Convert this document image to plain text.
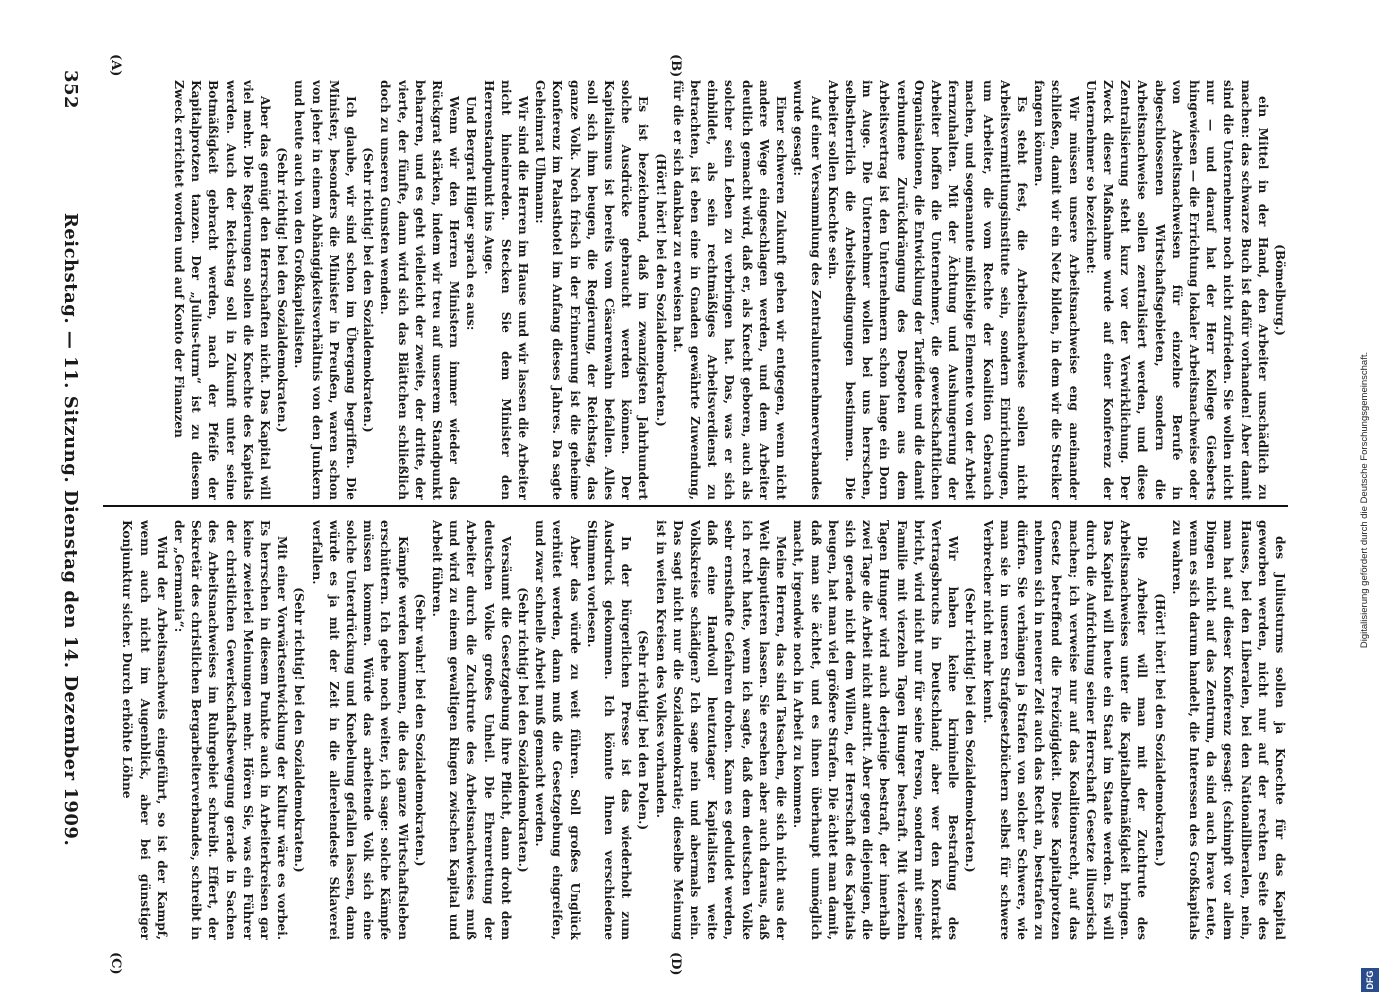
352
Reichstag. — 11. Sitzung. Dienstag den 14. Dezember 1909.
(A)	(B)
(C)	(D)

(Bömelburg.)

ein Mittel in der Hand, den Arbeiter unschädlich zu machen: das schwarze Buch ist dafür vorhanden! Aber damit sind die Unternehmer noch nicht zufrieden. Sie wollen nicht nur — und darauf hat der Herr Kollege Giesberts hingewiesen — die Errichtung lokaler Arbeitsnachweise oder von Arbeitsnachweisen für einzelne Berufe in abgeschlossenen Wirtschaftsgebieten, sondern die Arbeitsnachweise sollen zentralisiert werden, und diese Zentralisierung steht kurz vor der Verwirklichung. Der Zweck dieser Maßnahme wurde auf einer Konferenz der Unternehmer so bezeichnet:

Wir müssen unsere Arbeitsnachweise eng aneinander schließen, damit wir ein Netz bilden, in dem wir die Streiker fangen können.

Es steht fest, die Arbeitsnachweise sollen nicht Arbeitsvermittlungsinstitute sein, sondern Einrichtungen, um Arbeiter, die vom Rechte der Koalition Gebrauch machen, und sogenannte mißliebige Elemente von der Arbeit fernzuhalten. Mit der Ächtung und Aushungerung der Arbeiter hoffen die Unternehmer, die gewerkschaftlichen Organisationen, die Entwicklung der Tarifidee und die damit verbundene Zurückdrängung des Despoten aus dem Arbeitsvertrag ist den Unternehmern schon lange ein Dorn im Auge. Die Unternehmer wollen bei uns herrschen, selbstherrlich die Arbeitsbedingungen bestimmen. Die Arbeiter sollen Knechte sein.

Auf einer Versammlung des Zentralunternehmerverbandes wurde gesagt:

Einer schweren Zukunft gehen wir entgegen, wenn nicht andere Wege eingeschlagen werden, und dem Arbeiter deutlich gemacht wird, daß er, als Knecht geboren, auch als solcher sein Leben zu verbringen hat. Das, was er sich einbildet, als sein rechtmäßiges Arbeitsverdienst zu betrachten, ist eben eine in Gnaden gewährte Zuwendung, für die er sich dankbar zu erweisen hat.

(Hört! hört! bei den Sozialdemokraten.)

Es ist bezeichnend, daß im zwanzigsten Jahrhundert solche Ausdrücke gebraucht werden können. Der Kapitalismus ist bereits vom Cäsarenwahn befallen. Alles soll sich ihm beugen, die Regierung, der Reichstag, das ganze Volk. Noch frisch in der Erinnerung ist die geheime Konferenz im Palasthotel im Anfang dieses Jahres. Da sagte Geheimrat Ulhmann:

Wir sind die Herren im Hause und wir lassen die Arbeiter nicht hineinreden. Stecken Sie dem Minister den Herrenstandpunkt ins Auge.

Und Bergrat Hilger sprach es aus:

Wenn wir den Herren Ministern immer wieder das Rückgrat stärken, indem wir treu auf unserem Standpunkt beharren, und es geht vielleicht der zweite, der dritte, der vierte, der fünfte, dann wird sich das Blättchen schließlich doch zu unseren Gunsten wenden.

(Sehr richtig! bei den Sozialdemokraten.)

Ich glaube, wir sind schon im Übergang begriffen. Die Minister, besonders die Minister in Preußen, waren schon von jeher in einem Abhängigkeitsverhältnis von den Junkern und heute auch von den Großkapitalisten.

(Sehr richtig! bei den Sozialdemokraten.)

Aber das genügt den Herrschaften nicht. Das Kapital will viel mehr. Die Regierungen sollen die Knechte des Kapitals werden. Auch der Reichstag soll in Zukunft unter seine Botmäßigkeit gebracht werden, nach der Pfeife der Kapitalprotzen tanzen. Der „Julius-turm“ ist zu diesem Zweck errichtet worden und auf Konto der Finanzen

des Juliusturms sollen ja Knechte für das Kapital geworben werden, nicht nur auf der rechten Seite des Hauses, bei den Liberalen, bei den Nationalliberalen, nein, man hat auf dieser Konferenz gesagt: (schimpft vor allem Dingen nicht auf das Zentrum, da sind auch brave Leute, wenn es sich darum handelt, die Interessen des Großkapitals zu wahren.

(Hört! hört! bei den Sozialdemokraten.)

Die Arbeiter will man mit der Zuchtrute des Arbeitsnachweises unter die Kapitalbotmäßigkeit bringen. Das Kapital will heute ein Staat im Staate werden. Es will durch die Aufrichtung seiner Herrschaft Gesetze illusorisch machen; ich verweise nur auf das Koalitionsrecht, auf das Gesetz betreffend die Freizügigkeit. Diese Kapitalprotzen nehmen sich in neuerer Zeit auch das Recht an, bestrafen zu dürfen. Sie verhängen ja Strafen von solcher Schwere, wie man sie in unseren Strafgesetzbüchern selbst für schwere Verbrecher nicht mehr kennt.

(Sehr richtig! bei den Sozialdemokraten.)

Wir haben keine kriminelle Bestrafung des Vertragsbruchs in Deutschland; aber wer den Kontrakt bricht, wird nicht nur für seine Person, sondern mit seiner Familie mit vierzehn Tagen Hunger bestraft. Mit vierzehn Tagen Hunger wird auch derjenige bestraft, der innerhalb zwei Tage die Arbeit nicht antritt. Aber gegen diejenigen, die sich gerade nicht dem Willen, der Herrschaft des Kapitals beugen, hat man viel größere Strafen. Die ächtet man damit, daß man sie ächtet, und es ihnen überhaupt unmöglich macht, irgendwie noch in Arbeit zu kommen.

Meine Herren, das sind Tatsachen, die sich nicht aus der Welt disputieren lassen. Sie ersehen aber auch daraus, daß ich recht hatte, wenn ich sagte, daß dem deutschen Volke sehr ernsthafte Gefahren drohen. Kann es geduldet werden, daß eine Handvoll heutzutager Kapitalisten weite Volkskreise schädigen? Ich sage nein und abermals nein. Das sagt nicht nur die Sozialdemokratie; dieselbe Meinung ist in weiten Kreisen des Volkes vorhanden.

(Sehr richtig! bei den Polen.)

In der bürgerlichen Presse ist das wiederholt zum Ausdruck gekommen. Ich könnte Ihnen verschiedene Stimmen vorlesen.

Aber das würde zu weit führen. Soll großes Unglück verhütet werden, dann muß die Gesetzgebung eingreifen, und zwar schnelle Arbeit muß gemacht werden.

(Sehr richtig! bei den Sozialdemokraten.)

Versäumt die Gesetzgebung ihre Pflicht, dann droht dem deutschen Volke großes Unheil. Die Ehrenrettung der Arbeiter durch die Zuchtrute des Arbeitsnachweises muß und wird zu einem gewaltigen Ringen zwischen Kapital und Arbeit führen.

(Sehr wahr! bei den Sozialdemokraten.)

Kämpfe werden kommen, die das ganze Wirtschaftsleben erschüttern. Ich gehe noch weiter, ich sage: solche Kämpfe müssen kommen. Würde das arbeitende Volk sich eine solche Unterdrückung und Knebelung gefallen lassen, dann würde es ja mit der Zeit in die allerelendeste Sklaverei verfallen.

(Sehr richtig! bei den Sozialdemokraten.)

Mit einer Vorwärtsentwicklung der Kultur wäre es vorbei. Es herrschen in diesem Punkte auch in Arbeiterkreisen gar keine zweierlei Meinungen mehr. Hören Sie, was ein Führer der christlichen Gewerkschaftsbewegung gerade in Sachen des Arbeitsnachweises im Ruhrgebiet schreibt. Effert, der Sekretär des christlichen Bergarbeiterverbandes, schreibt in der „Germania“:

Wird der Arbeitsnachweis eingeführt, so ist der Kampf, wenn auch nicht im Augenblick, aber bei günstiger Konjunktur sicher. Durch erhöhte Löhne

Digitalisierung gefördert durch die Deutsche Forschungsgemeinschaft.
DFG
